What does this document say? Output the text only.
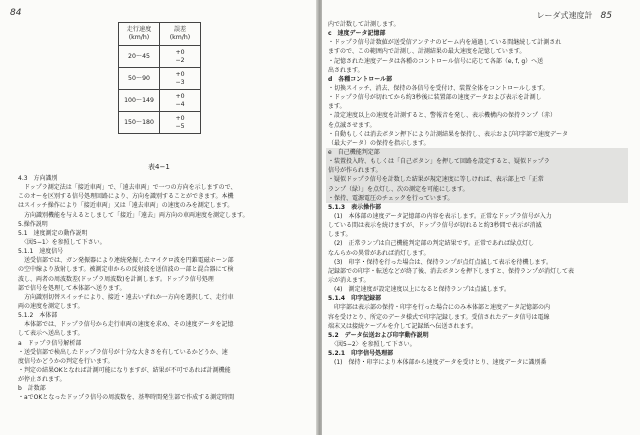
84
走行速度
(km/h)	誤差
(km/h)
20〜45	+0
−2
50〜90	+0
−3
100〜149	+0
−4
150〜180	+0
−5
表4−1
4.3　方向識別
　ドップラ測定法は「接近車両」で、「遠去車両」で一つの方向を示しますので、
このオーを区別する信号処理回路により、方向を識別することができます。本機
はスイッチ操作により「接近車両」又は「遠去車両」の速度のみを測定します。
　方向識別機能を与えるとしまして「接近」「遠去」両方向の車両速度を測定します。
5.操作説明
5.1　速度測定の動作説明
　〈図5−1〉を参照して下さい。
5.1.1　速度信号
　送受信部では、ガン発振器により連続発振したマイクロ波を円錐電磁ホーン部
の空中線より放射します。被測定車からの反射波を送信波の一部と混合器にて検
波し、両者の周波数差(ドップラ周波数)を計測します。ドップラ信号処理
部で信号を処理して本体部へ送ります。
　方向識別切替スイッチにより、接近・遠去いずれか一方向を選択して、走行車
両の速度を測定します。
5.1.2　本体部
　本体部では、ドップラ信号から走行車両の速度を求め、その速度データを記憶
して表示へ送出します。
a　ドップラ信号解析部
・送受信部で検出したドップラ信号が十分な大きさを有しているかどうか、速
度信号かどうかの判定を行います。
・判定の結果OKとなれば計測可能になりますが、結果が不可であれば計測機能
が停止されます。
b　計数部
・aでOKとなったドップラ信号の周波数を、基準時間発生部で作成する測定時間
レーダ式速度計 85
内で計数して計測します。
c　速度データ記憶部
・ドップラ信号計数値が送受信アンテナのビーム内を通過している間継続して計測され
ますので、この範囲内で計測し、計測結果の最大速度を記憶しています。
・記憶された速度データは各種のコントロール信号に応じて各部（e, f, g）へ送
出されます。
d　各種コントロール部
・切換スイッチ、消去、保持の各信号を受付け、装置全体をコントロールします。
・ドップラ信号が切れてから約3秒後に装置部の速度データおよび表示を計測し
ます。
・設定速度以上の速度を計測すると、警報音を発し、表示機構内の保持ランプ（赤）
を点滅させます。
・自動もしくは消去ボタン押下により計測結果を保持し、表示および印字部で速度データ
（最大データ）の保持を指示します。
e　自己機能判定部
・装置投入時、もしくは「自己ボタン」を押して回路を設定すると、疑似ドップラ
信号が作られます。
・疑似ドップラ信号を計数した結果が規定速度に等しければ、表示部上で「正常
ランプ（緑）」を点灯し、次の測定を可能にします。
・保持、電源電圧のチェックを行っています。
5.1.3　表示操作部
(1)　本体部の速度データ記憶部の内容を表示します。正常なドップラ信号が入力
している間は表示を続けますが、ドップラ信号が切れると約3秒間で表示が消滅
します。
(2)　正常ランプは自己機能判定部の判定結果です。正常であれば緑点灯し
なんらかの異常があれば消灯します。
(3)　印字・保持を行った場合は、保持ランプが点灯点滅して表示を待機します。
記録部での印字・転送などが終了後、消去ボタンを押下しますと、保持ランプが消灯して表
示が消えます。
(4)　測定速度が設定速度以上になると保持ランプは点滅します。
5.1.4　印字記録部
　印字部は表示部の保持・印字を行った場合にのみ本体部と速度データ記憶部の内
容を受けとり、所定のデータ様式で印字記録します。受信されたデータ信号は電線
端末又は接続ケーブルを介して記録紙へ伝送されます。
5.2　データ伝送および印字動作説明
　〈図5−2〉を参照して下さい。
5.2.1　印字信号処理部
(1)　保持・印字により本体部から速度データを受けとり、速度データに識別番
